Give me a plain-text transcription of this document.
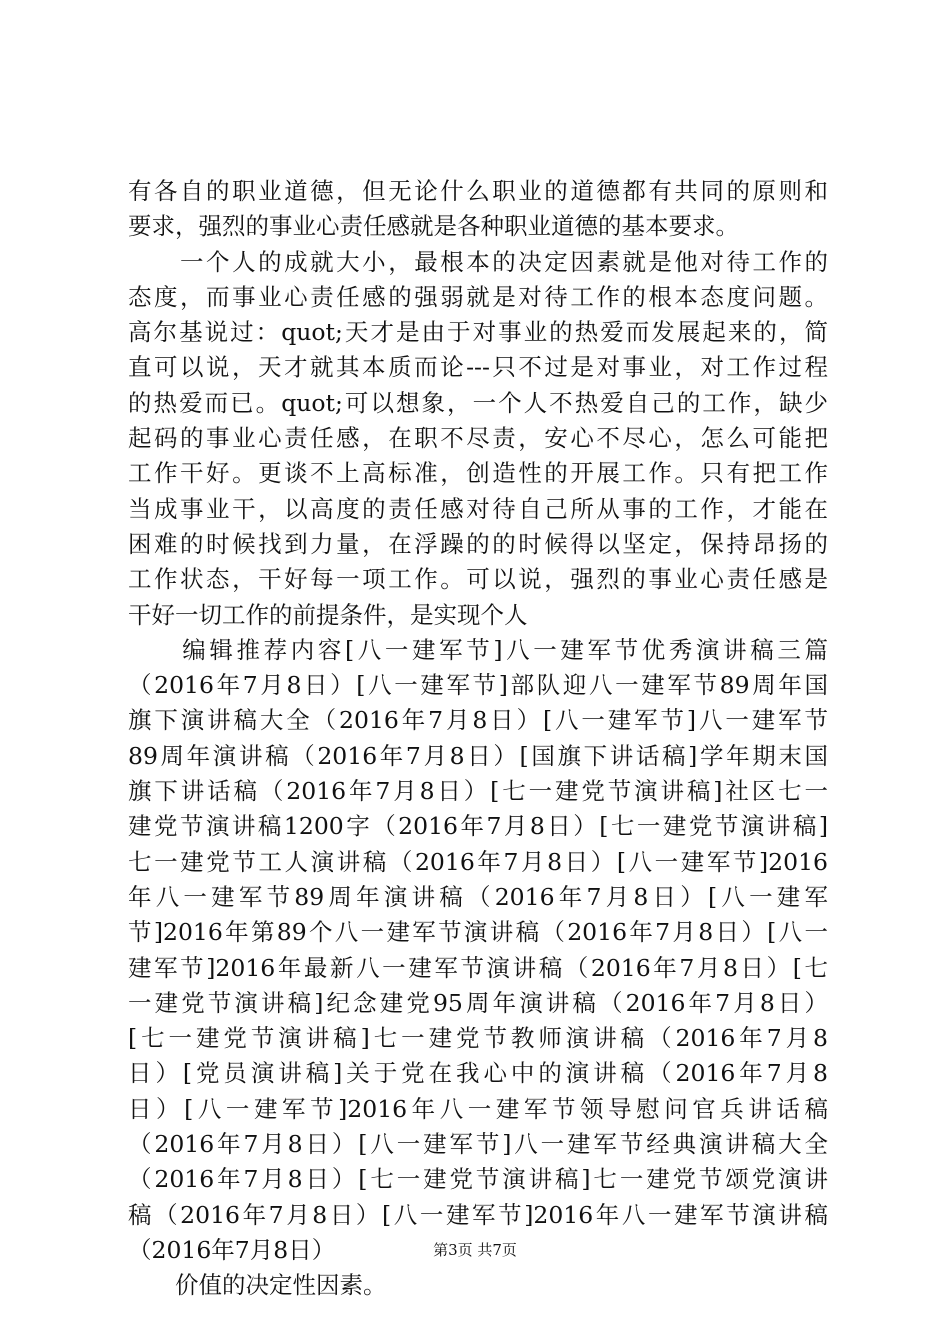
有各自的职业道德，但无论什么职业的道德都有共同的原则和
要求，强烈的事业心责任感就是各种职业道德的基本要求。
　　一个人的成就大小，最根本的决定因素就是他对待工作的
态度，而事业心责任感的强弱就是对待工作的根本态度问题。
高尔基说过：quot;天才是由于对事业的热爱而发展起来的，简
直可以说，天才就其本质而论---只不过是对事业，对工作过程
的热爱而已。quot;可以想象，一个人不热爱自己的工作，缺少
起码的事业心责任感，在职不尽责，安心不尽心，怎么可能把
工作干好。更谈不上高标准，创造性的开展工作。只有把工作
当成事业干，以高度的责任感对待自己所从事的工作，才能在
困难的时候找到力量，在浮躁的的时候得以坚定，保持昂扬的
工作状态，干好每一项工作。可以说，强烈的事业心责任感是
干好一切工作的前提条件，是实现个人
　　编辑推荐内容[八一建军节]八一建军节优秀演讲稿三篇
（2016年7月8日）[八一建军节]部队迎八一建军节89周年国
旗下演讲稿大全（2016年7月8日）[八一建军节]八一建军节
89周年演讲稿（2016年7月8日）[国旗下讲话稿]学年期末国
旗下讲话稿（2016年7月8日）[七一建党节演讲稿]社区七一
建党节演讲稿1200字（2016年7月8日）[七一建党节演讲稿]
七一建党节工人演讲稿（2016年7月8日）[八一建军节]2016
年八一建军节89周年演讲稿（2016年7月8日）[八一建军
节]2016年第89个八一建军节演讲稿（2016年7月8日）[八一
建军节]2016年最新八一建军节演讲稿（2016年7月8日）[七
一建党节演讲稿]纪念建党95周年演讲稿（2016年7月8日）
[七一建党节演讲稿]七一建党节教师演讲稿（2016年7月8
日）[党员演讲稿]关于党在我心中的演讲稿（2016年7月8
日）[八一建军节]2016年八一建军节领导慰问官兵讲话稿
（2016年7月8日）[八一建军节]八一建军节经典演讲稿大全
（2016年7月8日）[七一建党节演讲稿]七一建党节颂党演讲
稿（2016年7月8日）[八一建军节]2016年八一建军节演讲稿
（2016年7月8日）
　　价值的决定性因素。
第3页 共7页
